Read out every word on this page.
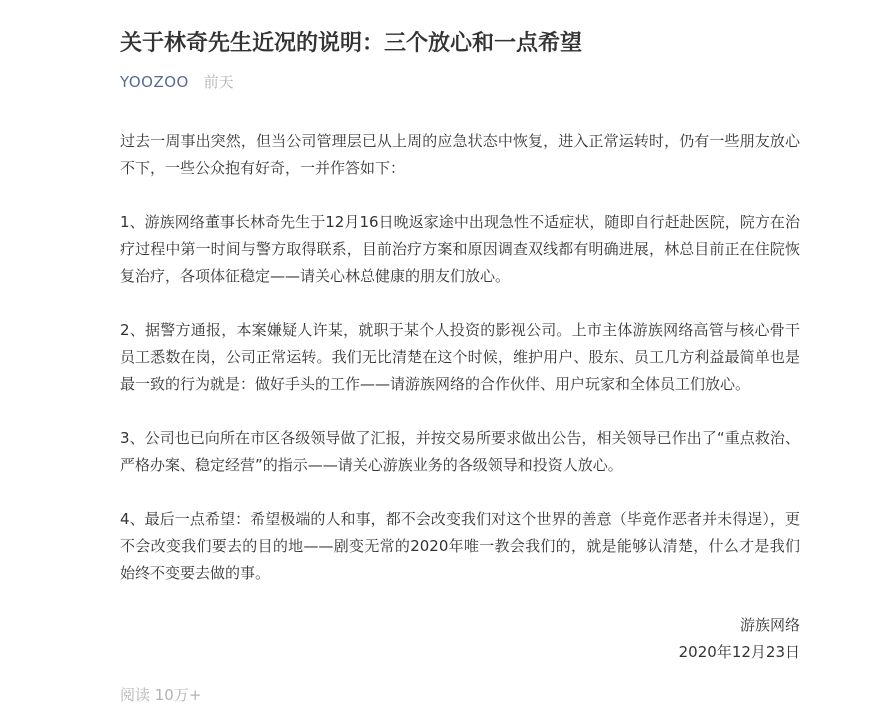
关于林奇先生近况的说明：三个放心和一点希望
YOOZOO 前天

过去一周事出突然，但当公司管理层已从上周的应急状态中恢复，进入正常运转时，仍有一些朋友放心不下，一些公众抱有好奇，一并作答如下：

1、游族网络董事长林奇先生于12月16日晚返家途中出现急性不适症状，随即自行赶赴医院，院方在治疗过程中第一时间与警方取得联系，目前治疗方案和原因调查双线都有明确进展，林总目前正在住院恢复治疗，各项体征稳定——请关心林总健康的朋友们放心。

2、据警方通报，本案嫌疑人许某，就职于某个人投资的影视公司。上市主体游族网络高管与核心骨干员工悉数在岗，公司正常运转。我们无比清楚在这个时候，维护用户、股东、员工几方利益最简单也是最一致的行为就是：做好手头的工作——请游族网络的合作伙伴、用户玩家和全体员工们放心。

3、公司也已向所在市区各级领导做了汇报，并按交易所要求做出公告，相关领导已作出了“重点救治、严格办案、稳定经营”的指示——请关心游族业务的各级领导和投资人放心。

4、最后一点希望：希望极端的人和事，都不会改变我们对这个世界的善意（毕竟作恶者并未得逞），更不会改变我们要去的目的地——剧变无常的2020年唯一教会我们的，就是能够认清楚，什么才是我们始终不变要去做的事。

游族网络
2020年12月23日
阅读 10万+
